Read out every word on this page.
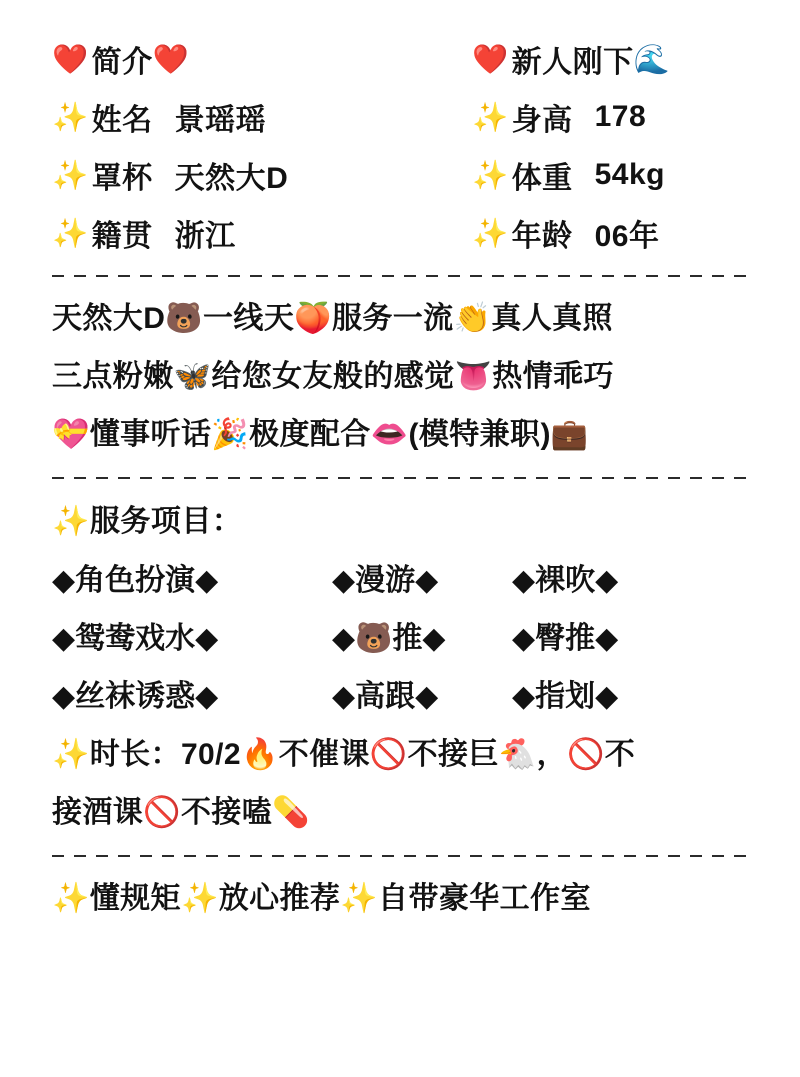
❤️ 简介 ❤️	❤️ 新人刚下 🌊
✨ 姓名 景瑶瑶	✨ 身高 178
✨ 罩杯 天然大D	✨ 体重 54kg
✨ 籍贯 浙江	✨ 年龄 06年
天然大D🐻一线天🍑服务一流👏真人真照
三点粉嫩🦋给您女友般的感觉👅热情乖巧
💝懂事听话🎉极度配合👄(模特兼职)💼
✨服务项目：
◆角色扮演◆	◆漫游◆	◆裸吹◆
◆鸳鸯戏水◆	◆🐻推◆	◆臀推◆
◆丝袜诱惑◆	◆高跟◆	◆指划◆
✨时长：70/2🔥不催课🚫不接巨🐔，🚫不
接酒课🚫不接嗑💊
✨懂规矩✨放心推荐✨自带豪华工作室
